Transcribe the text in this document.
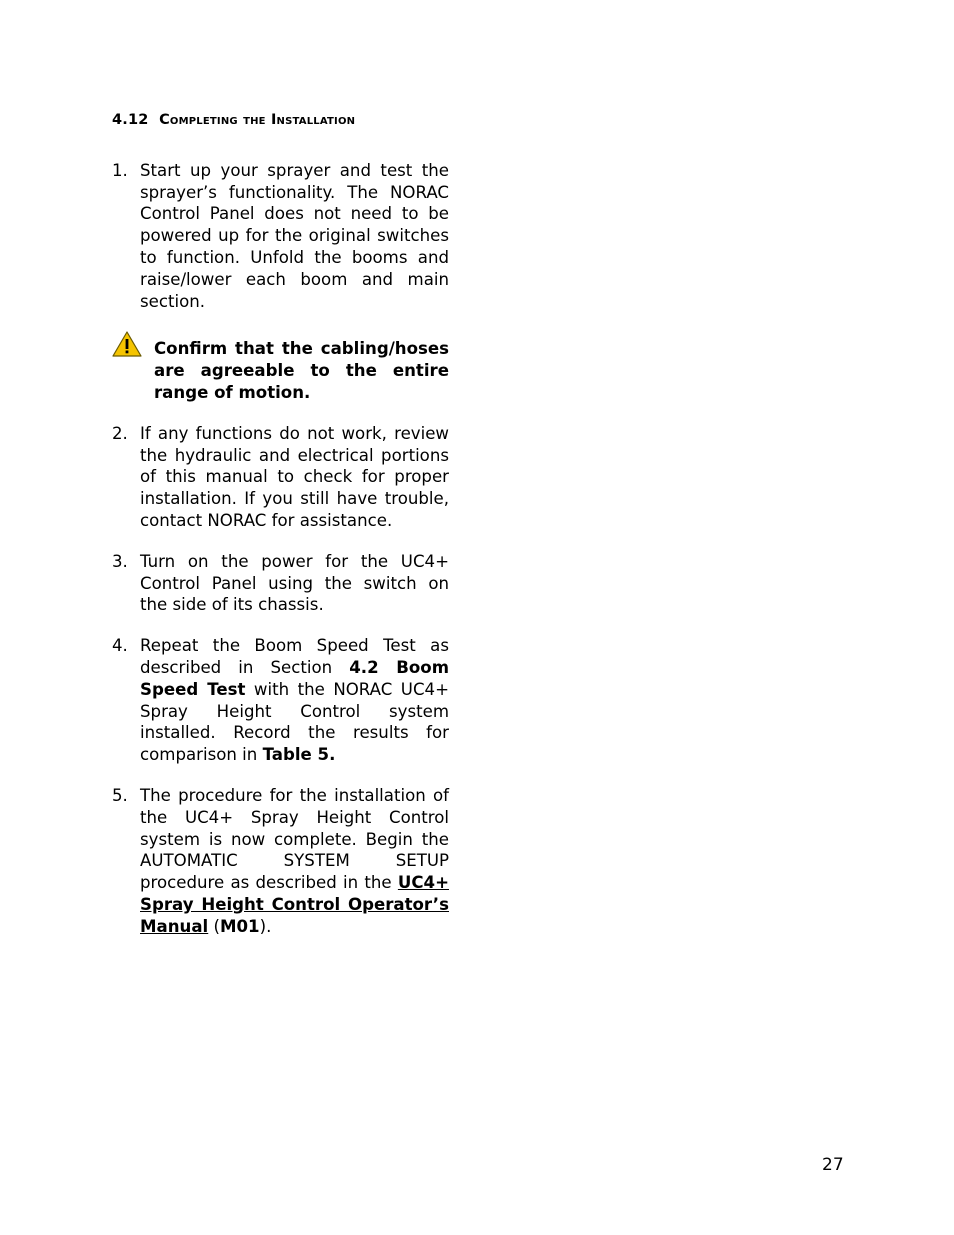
4.12 Completing the Installation
1. Start up your sprayer and test the sprayer’s functionality. The NORAC Control Panel does not need to be powered up for the original switches to function. Unfold the booms and raise/lower each boom and main section.
Confirm that the cabling/hoses are agreeable to the entire range of motion.
2. If any functions do not work, review the hydraulic and electrical portions of this manual to check for proper installation. If you still have trouble, contact NORAC for assistance.
3. Turn on the power for the UC4+ Control Panel using the switch on the side of its chassis.
4. Repeat the Boom Speed Test as described in Section 4.2 Boom Speed Test with the NORAC UC4+ Spray Height Control system installed. Record the results for comparison in Table 5.
5. The procedure for the installation of the UC4+ Spray Height Control system is now complete. Begin the AUTOMATIC SYSTEM SETUP procedure as described in the UC4+ Spray Height Control Operator’s Manual (M01).
27
